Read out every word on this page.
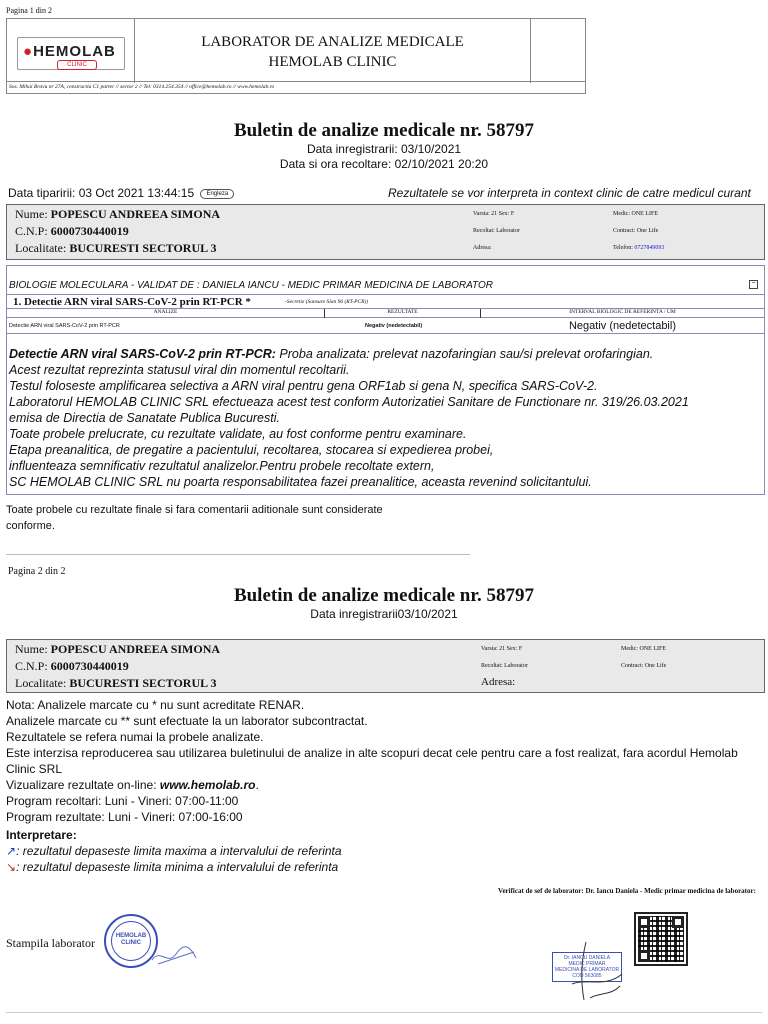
Pagina 1 din 2
●HEMOLAB
CLINIC
LABORATOR DE ANALIZE MEDICALE
HEMOLAB CLINIC
Sos. Mihai Bravu nr 27A, constructia C1 parter // sector 2 // Tel: 0314.254.354 // office@hemolab.ro // www.hemolab.ro
Buletin de analize medicale nr. 58797
Data inregistrarii: 03/10/2021
Data si ora recoltare: 02/10/2021 20:20
Data tiparirii: 03 Oct 2021 13:44:15 Engleza	Rezultatele se vor interpreta in context clinic de catre medicul curant
Nume: POPESCU ANDREEA SIMONA
C.N.P: 6000730440019
Localitate: BUCURESTI SECTORUL 3
Varsta: 21 Sex: F
Recoltat: Laborator
Adresa:
Medic: ONE LIFE
Contract: One Life
Telefon: 0727849093
BIOLOGIE MOLECULARA - VALIDAT DE : DANIELA IANCU - MEDIC PRIMAR MEDICINA DE LABORATOR	−
1. Detectie ARN viral SARS-CoV-2 prin RT-PCR *	-Secretie (Sansure Slan 96 (RT-PCR))
ANALIZE	REZULTATE	INTERVAL BIOLOGIC DE REFERINTA / UM
Detectie ARN viral SARS-CoV-2 prin RT-PCR	Negativ (nedetectabil)	Negativ (nedetectabil)
Detectie ARN viral SARS-CoV-2 prin RT-PCR: Proba analizata: prelevat nazofaringian sau/si prelevat orofaringian.
Acest rezultat reprezinta statusul viral din momentul recoltarii.
Testul foloseste amplificarea selectiva a ARN viral pentru gena ORF1ab si gena N, specifica SARS-CoV-2.
Laboratorul HEMOLAB CLINIC SRL efectueaza acest test conform Autorizatiei Sanitare de Functionare nr. 319/26.03.2021
emisa de Directia de Sanatate Publica Bucuresti.
Toate probele prelucrate, cu rezultate validate, au fost conforme pentru examinare.
Etapa preanalitica, de pregatire a pacientului, recoltarea, stocarea si expedierea probei,
influenteaza semnificativ rezultatul analizelor.Pentru probele recoltate extern,
SC HEMOLAB CLINIC SRL nu poarta responsabilitatea fazei preanalitice, aceasta revenind solicitantului.
Toate probele cu rezultate finale si fara comentarii aditionale sunt considerate
conforme.
Pagina 2 din 2
Buletin de analize medicale nr. 58797
Data inregistrarii03/10/2021
Nume: POPESCU ANDREEA SIMONA
C.N.P: 6000730440019
Localitate: BUCURESTI SECTORUL 3
Varsta: 21 Sex: F
Recoltat: Laborator
Adresa:
Medic: ONE LIFE
Contract: One Life
Nota: Analizele marcate cu * nu sunt acreditate RENAR.
Analizele marcate cu ** sunt efectuate la un laborator subcontractat.
Rezultatele se refera numai la probele analizate.
Este interzisa reproducerea sau utilizarea buletinului de analize in alte scopuri decat cele pentru care a fost realizat, fara acordul Hemolab
Clinic SRL
Vizualizare rezultate on-line: www.hemolab.ro.
Program recoltari: Luni - Vineri: 07:00-11:00
Program rezultate: Luni - Vineri: 07:00-16:00
Interpretare:
↗: rezultatul depaseste limita maxima a intervalului de referinta
↘: rezultatul depaseste limita minima a intervalului de referinta
Verificat de sef de laborator: Dr. Iancu Daniela - Medic primar medicina de laborator:
Stampila laborator	HEMOLAB CLINIC
Dr. IANCU DANIELA
MEDIC PRIMAR
MEDICINA DE LABORATOR
COD 563085
